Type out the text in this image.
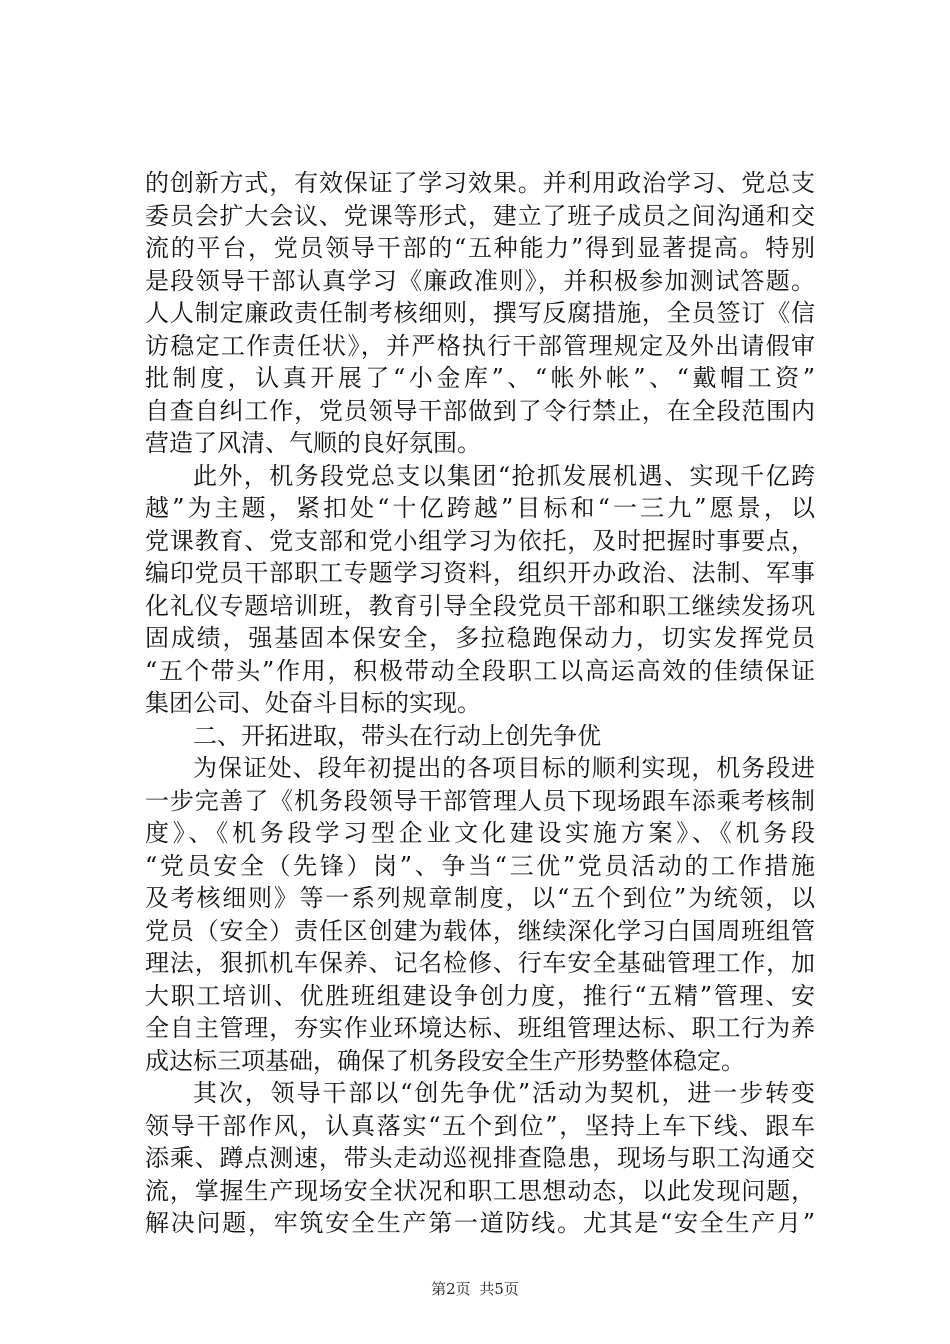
的创新方式，有效保证了学习效果。并利用政治学习、党总支
委员会扩大会议、党课等形式，建立了班子成员之间沟通和交
流的平台，党员领导干部的“五种能力”得到显著提高。特别
是段领导干部认真学习《廉政准则》，并积极参加测试答题。
人人制定廉政责任制考核细则，撰写反腐措施，全员签订《信
访稳定工作责任状》，并严格执行干部管理规定及外出请假审
批制度，认真开展了“小金库”、“帐外帐”、“戴帽工资”
自查自纠工作，党员领导干部做到了令行禁止，在全段范围内
营造了风清、气顺的良好氛围。
此外，机务段党总支以集团“抢抓发展机遇、实现千亿跨
越”为主题，紧扣处“十亿跨越”目标和“一三九”愿景，以
党课教育、党支部和党小组学习为依托，及时把握时事要点，
编印党员干部职工专题学习资料，组织开办政治、法制、军事
化礼仪专题培训班，教育引导全段党员干部和职工继续发扬巩
固成绩，强基固本保安全，多拉稳跑保动力，切实发挥党员
“五个带头”作用，积极带动全段职工以高运高效的佳绩保证
集团公司、处奋斗目标的实现。
二、开拓进取，带头在行动上创先争优
为保证处、段年初提出的各项目标的顺利实现，机务段进
一步完善了《机务段领导干部管理人员下现场跟车添乘考核制
度》、《机务段学习型企业文化建设实施方案》、《机务段
“党员安全（先锋）岗”、争当“三优”党员活动的工作措施
及考核细则》等一系列规章制度，以“五个到位”为统领，以
党员（安全）责任区创建为载体，继续深化学习白国周班组管
理法，狠抓机车保养、记名检修、行车安全基础管理工作，加
大职工培训、优胜班组建设争创力度，推行“五精”管理、安
全自主管理，夯实作业环境达标、班组管理达标、职工行为养
成达标三项基础，确保了机务段安全生产形势整体稳定。
其次，领导干部以“创先争优”活动为契机，进一步转变
领导干部作风，认真落实“五个到位”，坚持上车下线、跟车
添乘、蹲点测速，带头走动巡视排查隐患，现场与职工沟通交
流，掌握生产现场安全状况和职工思想动态，以此发现问题，
解决问题，牢筑安全生产第一道防线。尤其是“安全生产月”
第2页 共5页
